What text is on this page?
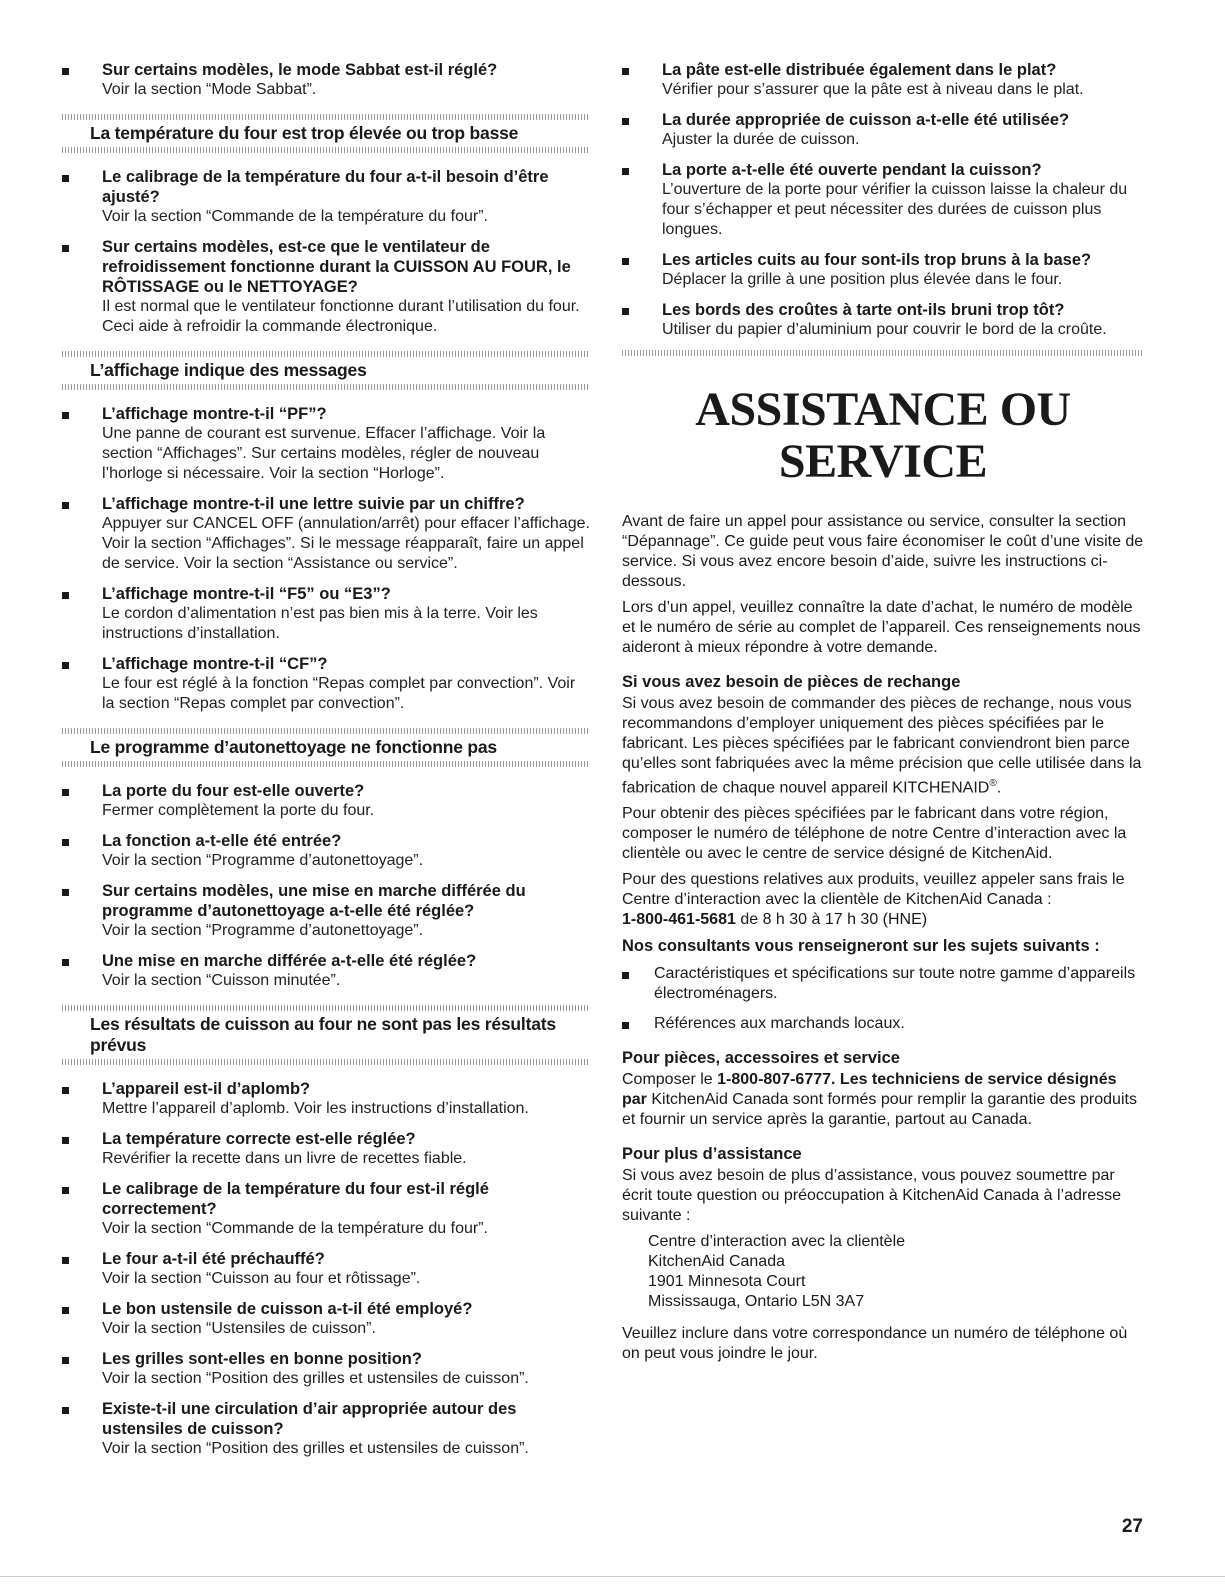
Sur certains modèles, le mode Sabbat est-il réglé?
Voir la section “Mode Sabbat”.
La température du four est trop élevée ou trop basse
Le calibrage de la température du four a-t-il besoin d’être ajusté?
Voir la section “Commande de la température du four”.
Sur certains modèles, est-ce que le ventilateur de refroidissement fonctionne durant la CUISSON AU FOUR, le RÔTISSAGE ou le NETTOYAGE?
Il est normal que le ventilateur fonctionne durant l’utilisation du four. Ceci aide à refroidir la commande électronique.
L’affichage indique des messages
L’affichage montre-t-il “PF”?
Une panne de courant est survenue. Effacer l’affichage. Voir la section “Affichages”. Sur certains modèles, régler de nouveau l’horloge si nécessaire. Voir la section “Horloge”.
L’affichage montre-t-il une lettre suivie par un chiffre?
Appuyer sur CANCEL OFF (annulation/arrêt) pour effacer l’affichage. Voir la section “Affichages”. Si le message réapparaît, faire un appel de service. Voir la section “Assistance ou service”.
L’affichage montre-t-il “F5” ou “E3”?
Le cordon d’alimentation n’est pas bien mis à la terre. Voir les instructions d’installation.
L’affichage montre-t-il “CF”?
Le four est réglé à la fonction “Repas complet par convection”. Voir la section “Repas complet par convection”.
Le programme d’autonettoyage ne fonctionne pas
La porte du four est-elle ouverte?
Fermer complètement la porte du four.
La fonction a-t-elle été entrée?
Voir la section “Programme d’autonettoyage”.
Sur certains modèles, une mise en marche différée du programme d’autonettoyage a-t-elle été réglée?
Voir la section “Programme d’autonettoyage”.
Une mise en marche différée a-t-elle été réglée?
Voir la section “Cuisson minutée”.
Les résultats de cuisson au four ne sont pas les résultats prévus
L’appareil est-il d’aplomb?
Mettre l’appareil d’aplomb. Voir les instructions d’installation.
La température correcte est-elle réglée?
Revérifier la recette dans un livre de recettes fiable.
Le calibrage de la température du four est-il réglé correctement?
Voir la section “Commande de la température du four”.
Le four a-t-il été préchauffé?
Voir la section “Cuisson au four et rôtissage”.
Le bon ustensile de cuisson a-t-il été employé?
Voir la section “Ustensiles de cuisson”.
Les grilles sont-elles en bonne position?
Voir la section “Position des grilles et ustensiles de cuisson”.
Existe-t-il une circulation d’air appropriée autour des ustensiles de cuisson?
Voir la section “Position des grilles et ustensiles de cuisson”.
La pâte est-elle distribuée également dans le plat?
Vérifier pour s’assurer que la pâte est à niveau dans le plat.
La durée appropriée de cuisson a-t-elle été utilisée?
Ajuster la durée de cuisson.
La porte a-t-elle été ouverte pendant la cuisson?
L’ouverture de la porte pour vérifier la cuisson laisse la chaleur du four s’échapper et peut nécessiter des durées de cuisson plus longues.
Les articles cuits au four sont-ils trop bruns à la base?
Déplacer la grille à une position plus élevée dans le four.
Les bords des croûtes à tarte ont-ils bruni trop tôt?
Utiliser du papier d’aluminium pour couvrir le bord de la croûte.
ASSISTANCE OU
SERVICE
Avant de faire un appel pour assistance ou service, consulter la section “Dépannage”. Ce guide peut vous faire économiser le coût d’une visite de service. Si vous avez encore besoin d’aide, suivre les instructions ci-dessous.
Lors d’un appel, veuillez connaître la date d’achat, le numéro de modèle et le numéro de série au complet de l’appareil. Ces renseignements nous aideront à mieux répondre à votre demande.
Si vous avez besoin de pièces de rechange
Si vous avez besoin de commander des pièces de rechange, nous vous recommandons d’employer uniquement des pièces spécifiées par le fabricant. Les pièces spécifiées par le fabricant conviendront bien parce qu’elles sont fabriquées avec la même précision que celle utilisée dans la fabrication de chaque nouvel appareil KITCHENAID®.
Pour obtenir des pièces spécifiées par le fabricant dans votre région, composer le numéro de téléphone de notre Centre d’interaction avec la clientèle ou avec le centre de service désigné de KitchenAid.
Pour des questions relatives aux produits, veuillez appeler sans frais le Centre d’interaction avec la clientèle de KitchenAid Canada :
1-800-461-5681 de 8 h 30 à 17 h 30 (HNE)
Nos consultants vous renseigneront sur les sujets suivants :
Caractéristiques et spécifications sur toute notre gamme d’appareils électroménagers.
Références aux marchands locaux.
Pour pièces, accessoires et service
Composer le 1-800-807-6777. Les techniciens de service désignés par KitchenAid Canada sont formés pour remplir la garantie des produits et fournir un service après la garantie, partout au Canada.
Pour plus d’assistance
Si vous avez besoin de plus d’assistance, vous pouvez soumettre par écrit toute question ou préoccupation à KitchenAid Canada à l’adresse suivante :
Centre d’interaction avec la clientèle
KitchenAid Canada
1901 Minnesota Court
Mississauga, Ontario L5N 3A7
Veuillez inclure dans votre correspondance un numéro de téléphone où on peut vous joindre le jour.
27
